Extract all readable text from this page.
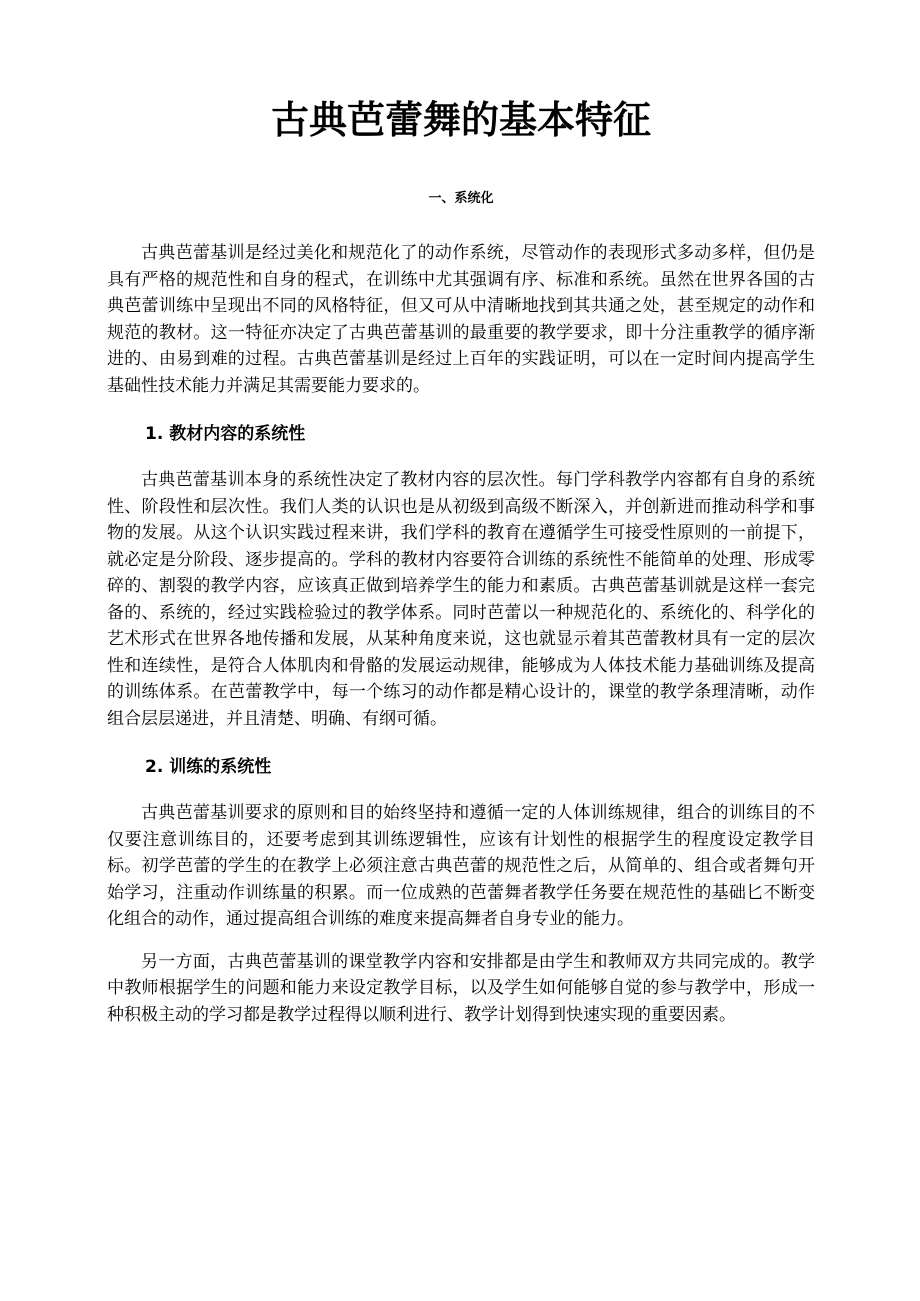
古典芭蕾舞的基本特征
一、系统化

古典芭蕾基训是经过美化和规范化了的动作系统，尽管动作的表现形式多动多样，但仍是具有严格的规范性和自身的程式，在训练中尤其强调有序、标准和系统。虽然在世界各国的古典芭蕾训练中呈现出不同的风格特征，但又可从中清晰地找到其共通之处，甚至规定的动作和规范的教材。这一特征亦决定了古典芭蕾基训的最重要的教学要求，即十分注重教学的循序渐进的、由易到难的过程。古典芭蕾基训是经过上百年的实践证明，可以在一定时间内提高学生基础性技术能力并满足其需要能力要求的。

1. 教材内容的系统性

古典芭蕾基训本身的系统性决定了教材内容的层次性。每门学科教学内容都有自身的系统性、阶段性和层次性。我们人类的认识也是从初级到高级不断深入，并创新进而推动科学和事物的发展。从这个认识实践过程来讲，我们学科的教育在遵循学生可接受性原则的一前提下，就必定是分阶段、逐步提高的。学科的教材内容要符合训练的系统性不能简单的处理、形成零碎的、割裂的教学内容，应该真正做到培养学生的能力和素质。古典芭蕾基训就是这样一套完备的、系统的，经过实践检验过的教学体系。同时芭蕾以一种规范化的、系统化的、科学化的艺术形式在世界各地传播和发展，从某种角度来说，这也就显示着其芭蕾教材具有一定的层次性和连续性，是符合人体肌肉和骨骼的发展运动规律，能够成为人体技术能力基础训练及提高的训练体系。在芭蕾教学中，每一个练习的动作都是精心设计的，课堂的教学条理清晰，动作组合层层递进，并且清楚、明确、有纲可循。

2. 训练的系统性

古典芭蕾基训要求的原则和目的始终坚持和遵循一定的人体训练规律，组合的训练目的不仅要注意训练目的，还要考虑到其训练逻辑性，应该有计划性的根据学生的程度设定教学目标。初学芭蕾的学生的在教学上必须注意古典芭蕾的规范性之后，从简单的、组合或者舞句开始学习，注重动作训练量的积累。而一位成熟的芭蕾舞者教学任务要在规范性的基础匕不断变化组合的动作，通过提高组合训练的难度来提高舞者自身专业的能力。

另一方面，古典芭蕾基训的课堂教学内容和安排都是由学生和教师双方共同完成的。教学中教师根据学生的问题和能力来设定教学目标，以及学生如何能够自觉的参与教学中，形成一种积极主动的学习都是教学过程得以顺利进行、教学计划得到快速实现的重要因素。
